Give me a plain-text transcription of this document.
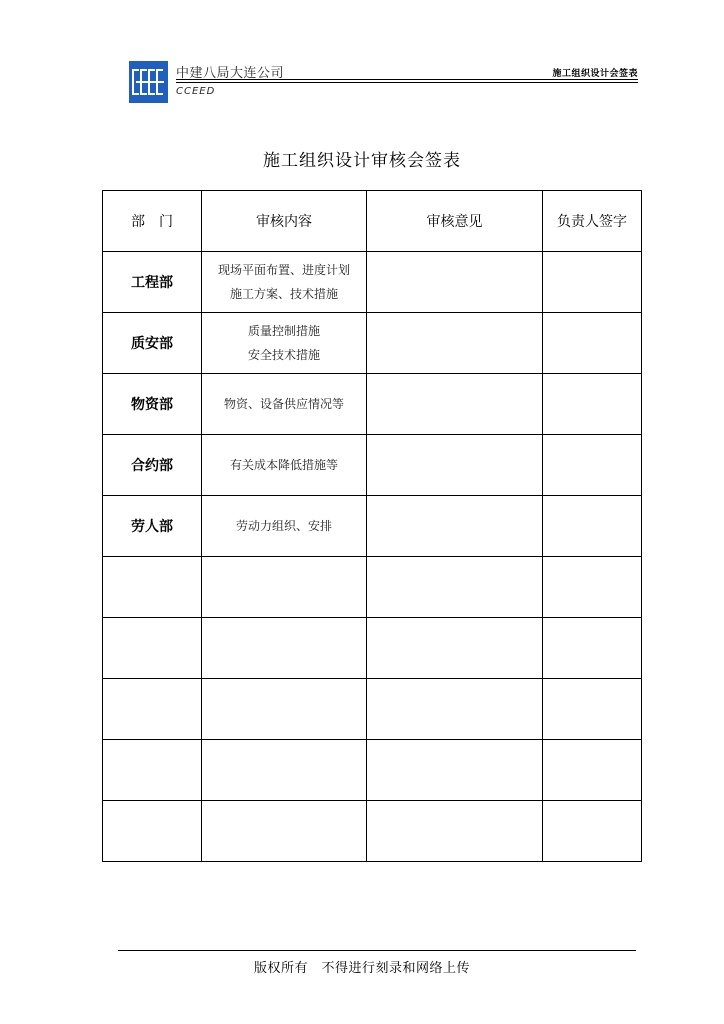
中建八局大连公司
CCEED
施工组织设计会签表
施工组织设计审核会签表
部　门	审核内容	审核意见	负责人签字
工程部	现场平面布置、进度计划
施工方案、技术措施		

质安部	质量控制措施
安全技术措施		

物资部	物资、设备供应情况等		

合约部	有关成本降低措施等		

劳人部	劳动力组织、安排		

版权所有　不得进行刻录和网络上传
